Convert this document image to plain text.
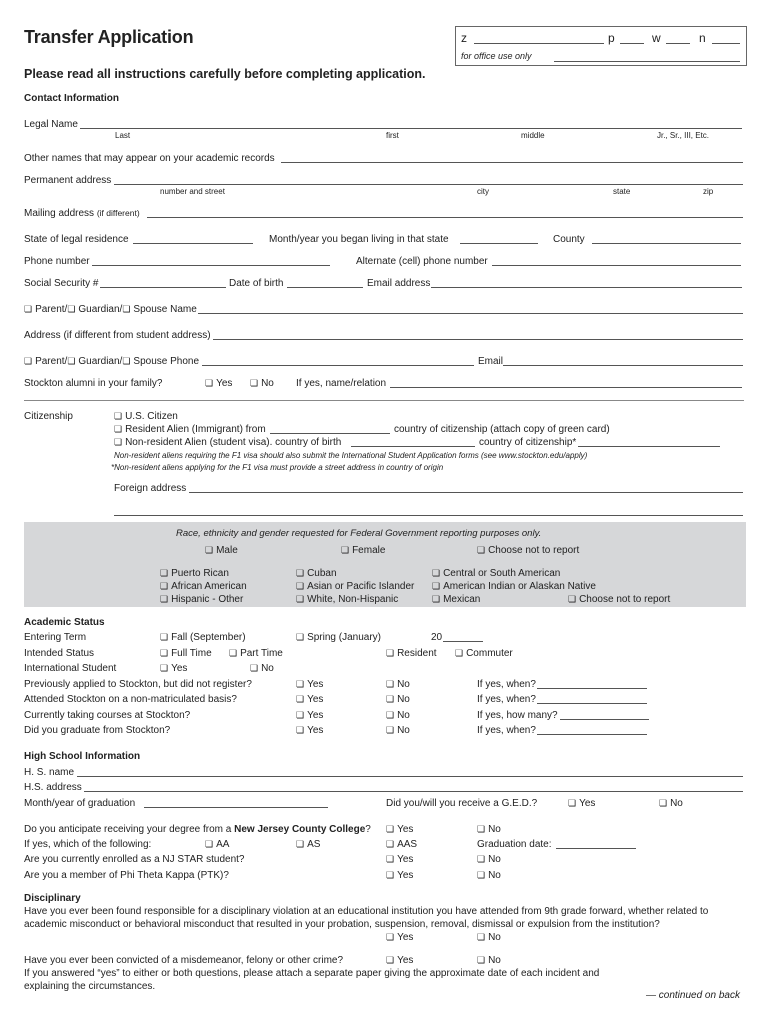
Transfer Application	z	p	w	n
for office use only
Please read all instructions carefully before completing application.
Contact Information
Legal Name
Last	first	middle	Jr., Sr., III, Etc.
Other names that may appear on your academic records
Permanent address
number and street	city	state	zip
Mailing address (if different)
State of legal residence	Month/year you began living in that state	County
Phone number	Alternate (cell) phone number
Social Security #	Date of birth	Email address
❏ Parent/ ❏ Guardian/ ❏ Spouse Name
Address (if different from student address)
❏ Parent/ ❏ Guardian/ ❏ Spouse Phone	Email
Stockton alumni in your family?	❏ Yes	❏ No If yes, name/relation
Citizenship	❏ U.S. Citizen
❏ Resident Alien (Immigrant) from	country of citizenship (attach copy of green card)
❏ Non-resident Alien (student visa). country of birth	country of citizenship*
Non-resident aliens requiring the F1 visa should also submit the International Student Application forms (see www.stockton.edu/apply)
*Non-resident aliens applying for the F1 visa must provide a street address in country of origin
Foreign address
Race, ethnicity and gender requested for Federal Government reporting purposes only.
❏ Male	❏ Female	❏ Choose not to report
❏ Puerto Rican	❏ Cuban	❏ Central or South American
❏ African American	❏ Asian or Pacific Islander	❏ American Indian or Alaskan Native
❏ Hispanic - Other	❏ White, Non-Hispanic	❏ Mexican	❏ Choose not to report
Academic Status
Entering Term	❏ Fall (September)	❏ Spring (January)	20
Intended Status	❏ Full Time	❏ Part Time	❏ Resident	❏ Commuter
International Student	❏ Yes	❏ No
Previously applied to Stockton, but did not register?	❏ Yes	❏ No	If yes, when?
Attended Stockton on a non-matriculated basis?	❏ Yes	❏ No	If yes, when?
Currently taking courses at Stockton?	❏ Yes	❏ No	If yes, how many?
Did you graduate from Stockton?	❏ Yes	❏ No	If yes, when?
High School Information
H. S. name
H.S. address
Month/year of graduation	Did you/will you receive a G.E.D.?	❏ Yes	❏ No
Do you anticipate receiving your degree from a New Jersey County College?	❏ Yes	❏ No
If yes, which of the following:	❏ AA	❏ AS	❏ AAS	Graduation date:
Are you currently enrolled as a NJ STAR student?	❏ Yes	❏ No
Are you a member of Phi Theta Kappa (PTK)?	❏ Yes	❏ No
Disciplinary
Have you ever been found responsible for a disciplinary violation at an educational institution you have attended from 9th grade forward, whether related to
academic misconduct or behavioral misconduct that resulted in your probation, suspension, removal, dismissal or expulsion from the institution?
❏ Yes	❏ No
Have you ever been convicted of a misdemeanor, felony or other crime?	❏ Yes	❏ No
If you answered “yes” to either or both questions, please attach a separate paper giving the approximate date of each incident and
explaining the circumstances.
— continued on back
